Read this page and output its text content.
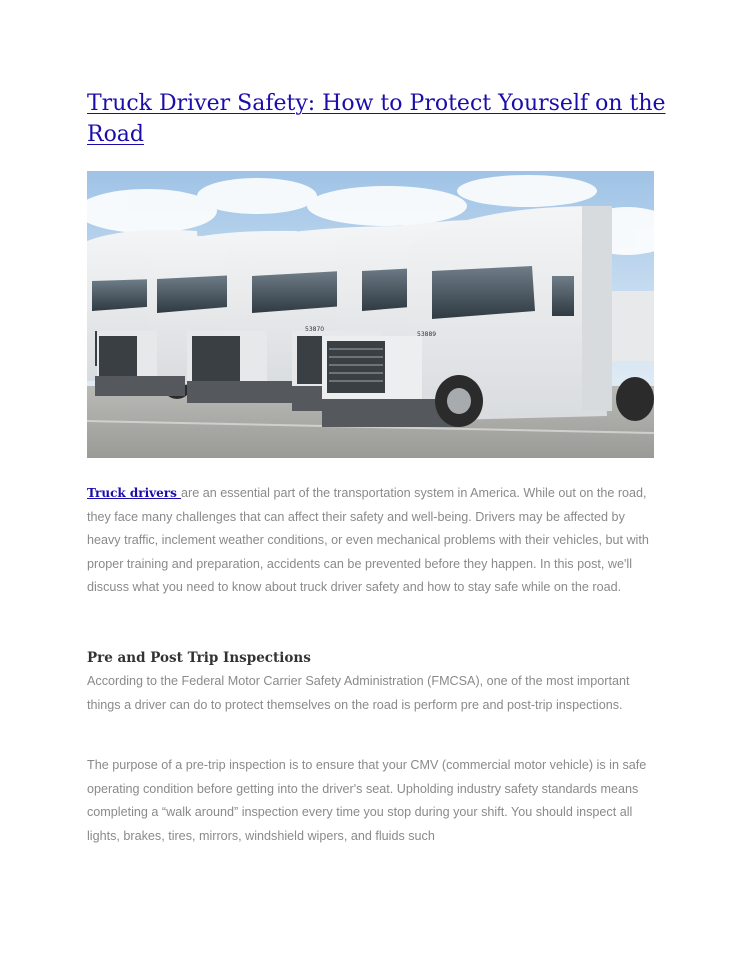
Truck Driver Safety: How to Protect Yourself on the Road
53870
53889

Truck drivers are an essential part of the transportation system in America. While out on the road, they face many challenges that can affect their safety and well-being. Drivers may be affected by heavy traffic, inclement weather conditions, or even mechanical problems with their vehicles, but with proper training and preparation, accidents can be prevented before they happen. In this post, we'll discuss what you need to know about truck driver safety and how to stay safe while on the road.

Pre and Post Trip Inspections

According to the Federal Motor Carrier Safety Administration (FMCSA), one of the most important things a driver can do to protect themselves on the road is perform pre and post-trip inspections.

The purpose of a pre-trip inspection is to ensure that your CMV (commercial motor vehicle) is in safe operating condition before getting into the driver's seat. Upholding industry safety standards means completing a “walk around” inspection every time you stop during your shift. You should inspect all lights, brakes, tires, mirrors, windshield wipers, and fluids such
